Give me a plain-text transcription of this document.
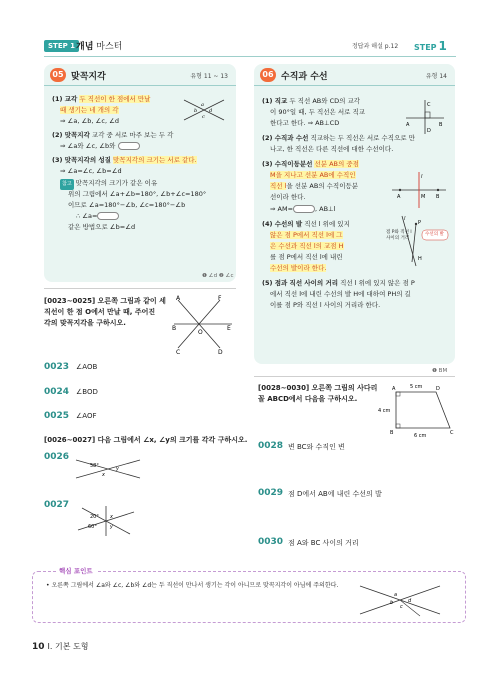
STEP 1 개념 마스터	정답과 해설 p.12 STEP 1
05 맞꼭지각	유형 11 ~ 13
(1) 교각 두 직선이 한 점에서 만날
때 생기는 네 개의 각
⇒ ∠a, ∠b, ∠c, ∠d
a
b
c
d
(2) 맞꼭지각 교각 중 서로 마주 보는 두 각
⇒ ∠a와 ∠c, ∠b와
(3) 맞꼭지각의 성질 맞꼭지각의 크기는 서로 같다.
⇒ ∠a=∠c, ∠b=∠d
참고 맞꼭지각의 크기가 같은 이유
위의 그림에서 ∠a+∠b=180°, ∠b+∠c=180°
이므로 ∠a=180°−∠b, ∠c=180°−∠b
∴ ∠a=
같은 방법으로 ∠b=∠d
❶ ∠d ❷ ∠c
06 수직과 수선	유형 14
(1) 직교 두 직선 AB와 CD의 교각
이 90°일 때, 두 직선은 서로 직교
한다고 한다. ⇒ AB⊥CD
C
A	B
D
(2) 수직과 수선 직교하는 두 직선은 서로 수직으로 만
나고, 한 직선은 다른 직선에 대한 수선이다.
(3) 수직이등분선 선분 AB의 중점
M을 지나고 선분 AB에 수직인
직선 l을 선분 AB의 수직이등분
선이라 한다.
⇒ AM=	, AB⊥l
A	M B
l
(4) 수선의 발 직선 l 위에 있지
않은 점 P에서 직선 l에 그
은 수선과 직선 l의 교점 H
를 점 P에서 직선 l에 내린
수선의 발이라 한다.
P
H
l
점 P와 직선 l
사이의 거리
수선의 발
(5) 점과 직선 사이의 거리 직선 l 위에 있지 않은 점 P
에서 직선 l에 내린 수선의 발 H에 대하여 PH의 길
이를 점 P와 직선 l 사이의 거리라 한다.
❶ BM
[0023~0025] 오른쪽 그림과 같이 세
직선이 한 점 O에서 만날 때, 주어진
각의 맞꼭지각을 구하시오.
A	F
B	E
O
C	D
0023 ∠AOB
0024 ∠BOD
0025 ∠AOF
[0026~0027] 다음 그림에서 ∠x, ∠y의 크기를 각각 구하시오.
0026
58°
x
y
0027
20°
60°
x
y
[0028~0030] 오른쪽 그림의 사다리
꼴 ABCD에서 다음을 구하시오.
A	D
B	C
5 cm
4 cm
6 cm
0028 변 BC와 수직인 변
0029 점 D에서 AB에 내린 수선의 발
0030 점 A와 BC 사이의 거리
핵심 포인트
• 오른쪽 그림에서 ∠a와 ∠c, ∠b와 ∠d는 두 직선이 만나서 생기는 각이 아니므로 맞꼭지각이 아님에 주의한다.
a
b
c
d
10 Ⅰ. 기본 도형
